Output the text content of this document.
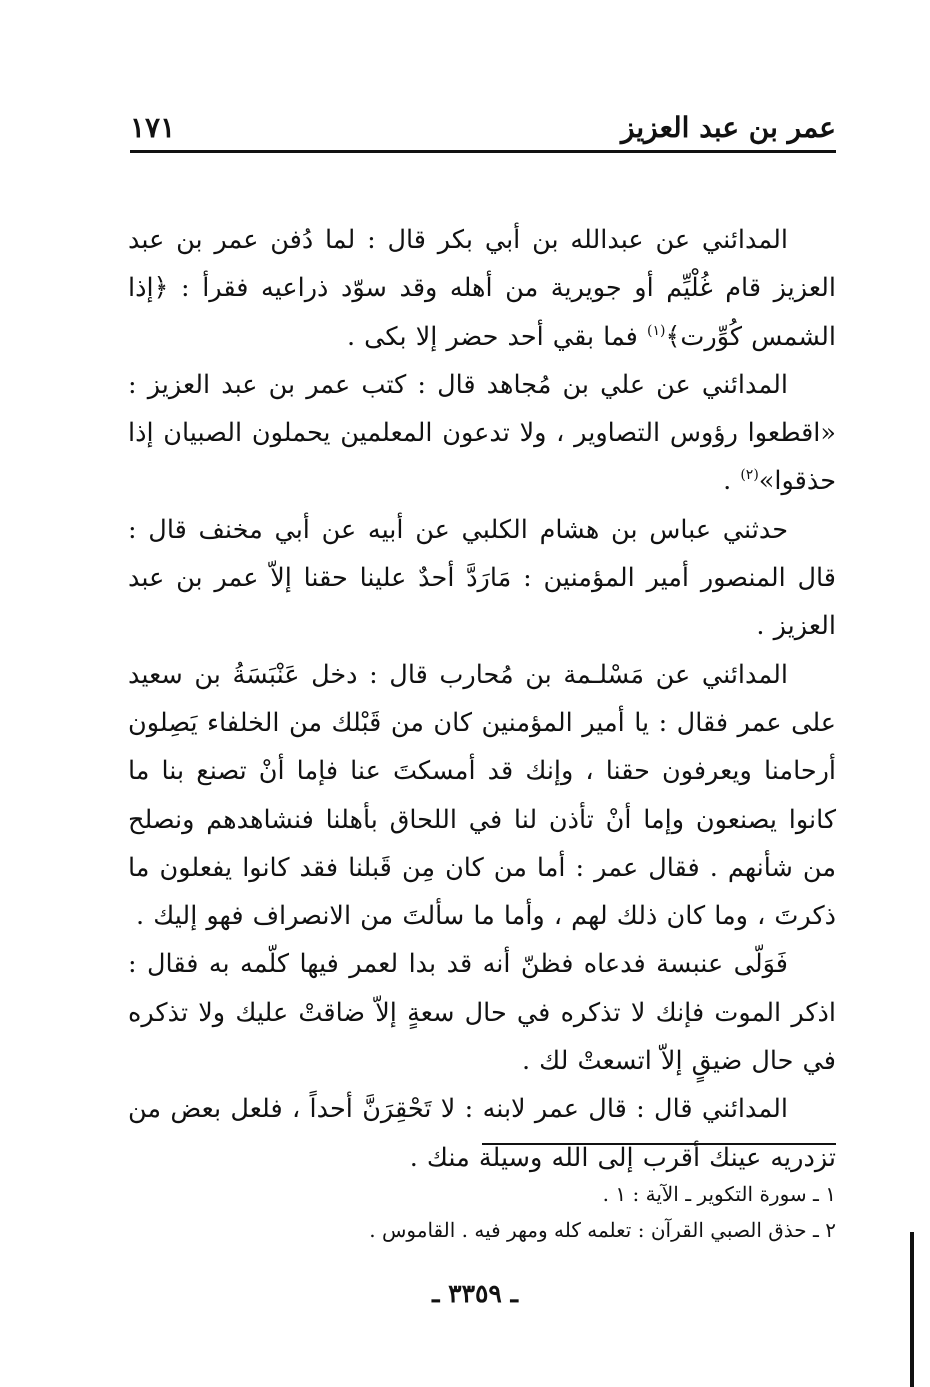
عمر بن عبد العزيز
١٧١

المدائني عن عبدالله بن أبي بكر قال : لما دُفن عمر بن عبد العزيز قام غُلْيِّم أو جويرية من أهله وقد سوّد ذراعيه فقرأ : ﴿إذا الشمس كُوِّرت﴾$^{(١)}$ فما بقي أحد حضر إلا بكى .

المدائني عن علي بن مُجاهد قال : كتب عمر بن عبد العزيز : «اقطعوا رؤوس التصاوير ، ولا تدعون المعلمين يحملون الصبيان إذا حذقوا»$^{(٢)}$ .

حدثني عباس بن هشام الكلبي عن أبيه عن أبي مخنف قال : قال المنصور أمير المؤمنين : مَارَدَّ أحدٌ علينا حقنا إلاّ عمر بن عبد العزيز .

المدائني عن مَسْلـمة بن مُحارب قال : دخل عَنْبَسَةُ بن سعيد على عمر فقال : يا أمير المؤمنين كان من قَبْلك من الخلفاء يَصِلون أرحامنا ويعرفون حقنا ، وإنك قد أمسكتَ عنا فإما أنْ تصنع بنا ما كانوا يصنعون وإما أنْ تأذن لنا في اللحاق بأهلنا فنشاهدهم ونصلح من شأنهم . فقال عمر : أما من كان مِن قَبلنا فقد كانوا يفعلون ما ذكرتَ ، وما كان ذلك لهم ، وأما ما سألتَ من الانصراف فهو إليك .

فَوَلّى عنبسة فدعاه فظنّ أنه قد بدا لعمر فيها كلّمه به فقال : اذكر الموت فإنك لا تذكره في حال سعةٍ إلاّ ضاقتْ عليك ولا تذكره في حال ضيقٍ إلاّ اتسعتْ لك .

المدائني قال : قال عمر لابنه : لا تَحْقِرَنَّ أحداً ، فلعل بعض من تزدريه عينك أقرب إلى الله وسيلة منك .

١ ـ سورة التكوير ـ الآية : ١ .

٢ ـ حذق الصبي القرآن : تعلمه كله ومهر فيه . القاموس .

ـ ٣٣٥٩ ـ
